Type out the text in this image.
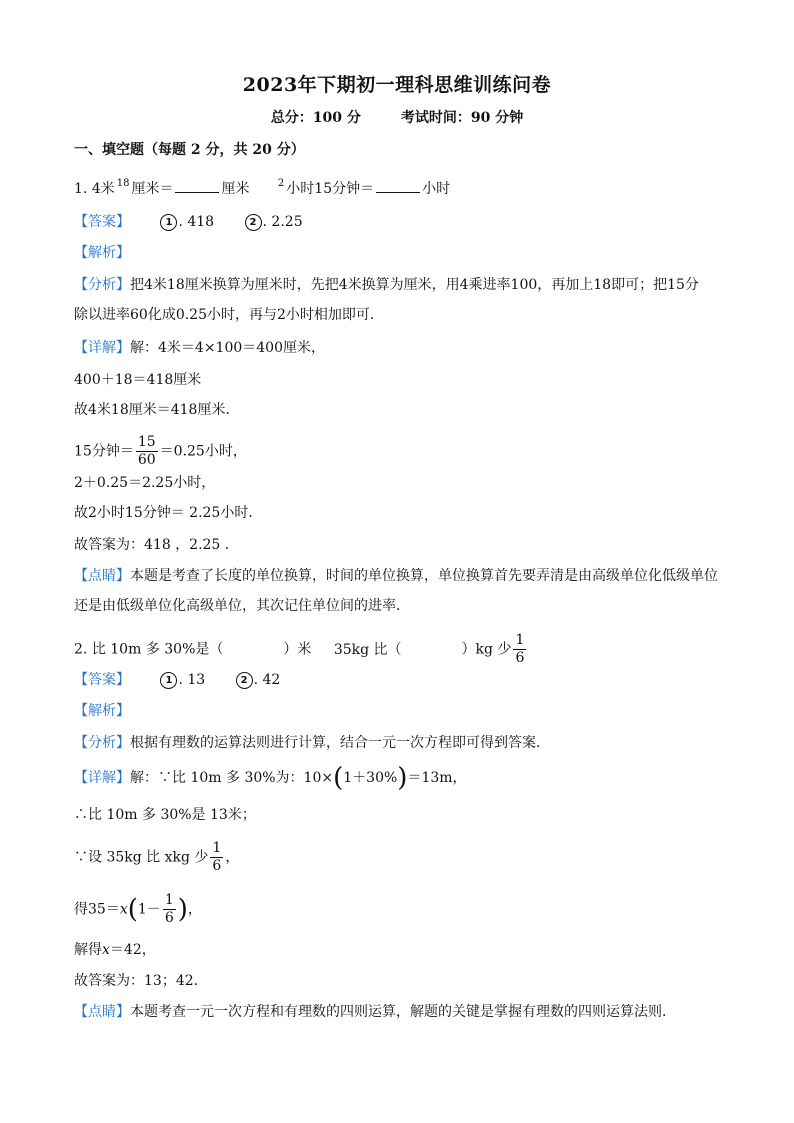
2023年下期初一理科思维训练问卷
总分：100 分	考试时间：90 分钟
一、填空题（每题 2 分，共 20 分）
1. 4米 $^{18}$ 厘米＝	厘米	$^2$ 小时15分钟＝	小时
【答案】	1 . 418	2 . 2.25
【解析】
【分析】把4米18厘米换算为厘米时，先把4米换算为厘米，用4乘进率100，再加上18即可；把15分
除以进率60化成0.25小时，再与2小时相加即可．
【详解】解：4米＝4×100＝400厘米，
400＋18＝418厘米
故4米18厘米＝418厘米．
15分钟＝ $\frac{15}{60} =0.25$小时，
2＋0.25＝2.25小时，
故2小时15分钟＝ 2.25小时．
故答案为：418 ，2.25 ．
【点睛】本题是考查了长度的单位换算，时间的单位换算，单位换算首先要弄清是由高级单位化低级单位
还是由低级单位化高级单位，其次记住单位间的进率．
2. 比 10m 多 30%是（	）米 35kg 比（	）kg 少 $\frac{1}{6}$
【答案】	1 . 13	2 . 42
【解析】
【分析】根据有理数的运算法则进行计算，结合一元一次方程即可得到答案．
【详解】解：∵比 10m 多 30%为：10×(1＋30%)＝13m，
∴比 10m 多 30%是 13米；
∵设 35kg 比 xkg 少 $\frac{1}{6}$ ，
得$35=x(1- \frac{1}{6}$ )，
解得x＝42，
故答案为：13；42．
【点睛】本题考查一元一次方程和有理数的四则运算，解题的关键是掌握有理数的四则运算法则．
